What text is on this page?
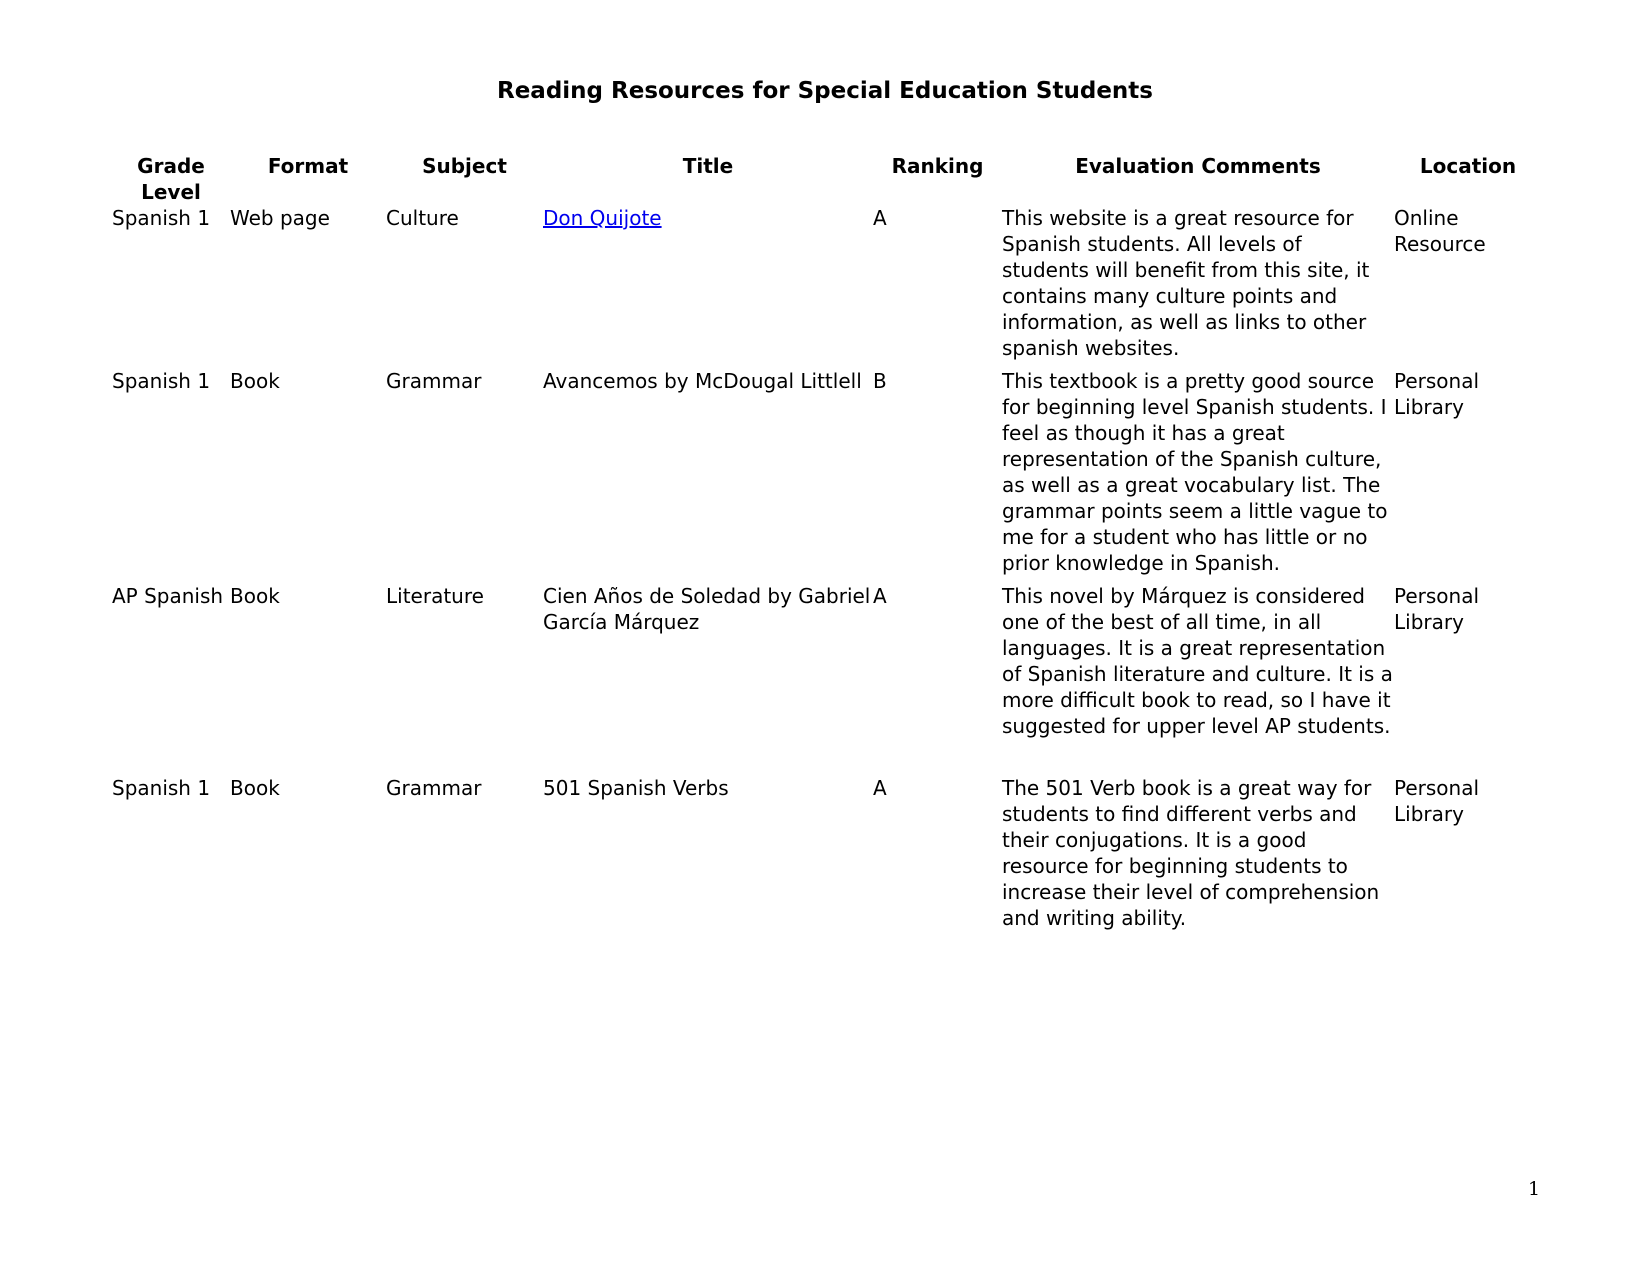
Reading Resources for Special Education Students
Grade
Level	Format	Subject	Title	Ranking	Evaluation Comments	Location
Spanish 1	Web page	Culture	Don Quijote	A	This website is a great resource for Spanish students. All levels of students will benefit from this site, it contains many culture points and information, as well as links to other spanish websites.	Online Resource
Spanish 1	Book	Grammar	Avancemos by McDougal Littlell	B	This textbook is a pretty good source for beginning level Spanish students. I feel as though it has a great representation of the Spanish culture, as well as a great vocabulary list. The grammar points seem a little vague to me for a student who has little or no prior knowledge in Spanish.	Personal Library
AP Spanish	Book	Literature	Cien Años de Soledad by Gabriel García Márquez	A	This novel by Márquez is considered one of the best of all time, in all languages. It is a great representation of Spanish literature and culture. It is a more difficult book to read, so I have it suggested for upper level AP students.	Personal Library
Spanish 1	Book	Grammar	501 Spanish Verbs	A	The 501 Verb book is a great way for students to find different verbs and their conjugations. It is a good resource for beginning students to increase their level of comprehension and writing ability.	Personal Library
1
